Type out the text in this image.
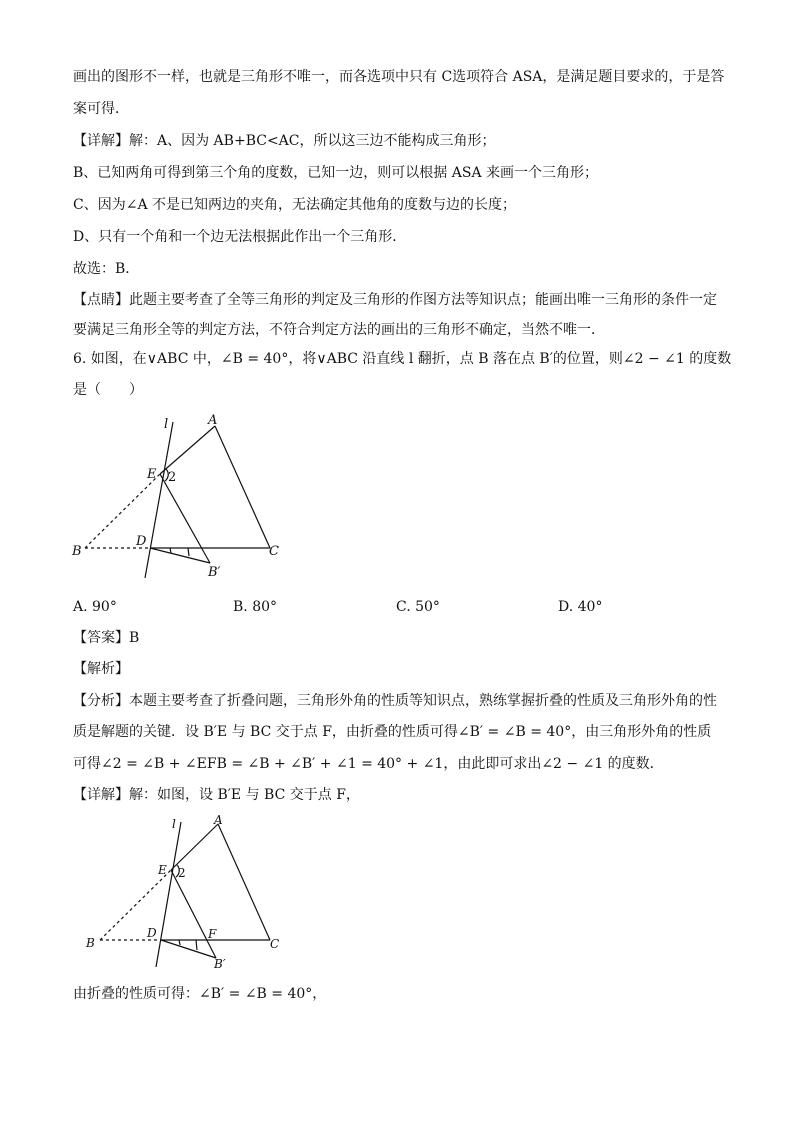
画出的图形不一样，也就是三角形不唯一，而各选项中只有 C选项符合 ASA，是满足题目要求的，于是答
案可得．
【详解】解：A、因为 AB+BC<AC，所以这三边不能构成三角形；
B、已知两角可得到第三个角的度数，已知一边，则可以根据 ASA 来画一个三角形；
C、因为∠A 不是已知两边的夹角，无法确定其他角的度数与边的长度；
D、只有一个角和一个边无法根据此作出一个三角形．
故选：B．
【点睛】此题主要考查了全等三角形的判定及三角形的作图方法等知识点；能画出唯一三角形的条件一定
要满足三角形全等的判定方法，不符合判定方法的画出的三角形不确定，当然不唯一．
6. 如图，在∨ABC 中，∠B = 40°，将∨ABC 沿直线 l 翻折，点 B 落在点 B′的位置，则∠2 − ∠1 的度数
是（　　）
l	A
E 2
B
D
C
B′
A. 90°	B. 80°	C. 50°	D. 40°
【答案】B
【解析】
【分析】本题主要考查了折叠问题，三角形外角的性质等知识点，熟练掌握折叠的性质及三角形外角的性
质是解题的关键．设 B′E 与 BC 交于点 F，由折叠的性质可得∠B′ = ∠B = 40°，由三角形外角的性质
可得∠2 = ∠B + ∠EFB = ∠B + ∠B′ + ∠1 = 40° + ∠1，由此即可求出∠2 − ∠1 的度数．
【详解】解：如图，设 B′E 与 BC 交于点 F，
l	A
E 2
B
D	F
C
B′
由折叠的性质可得：∠B′ = ∠B = 40°，
